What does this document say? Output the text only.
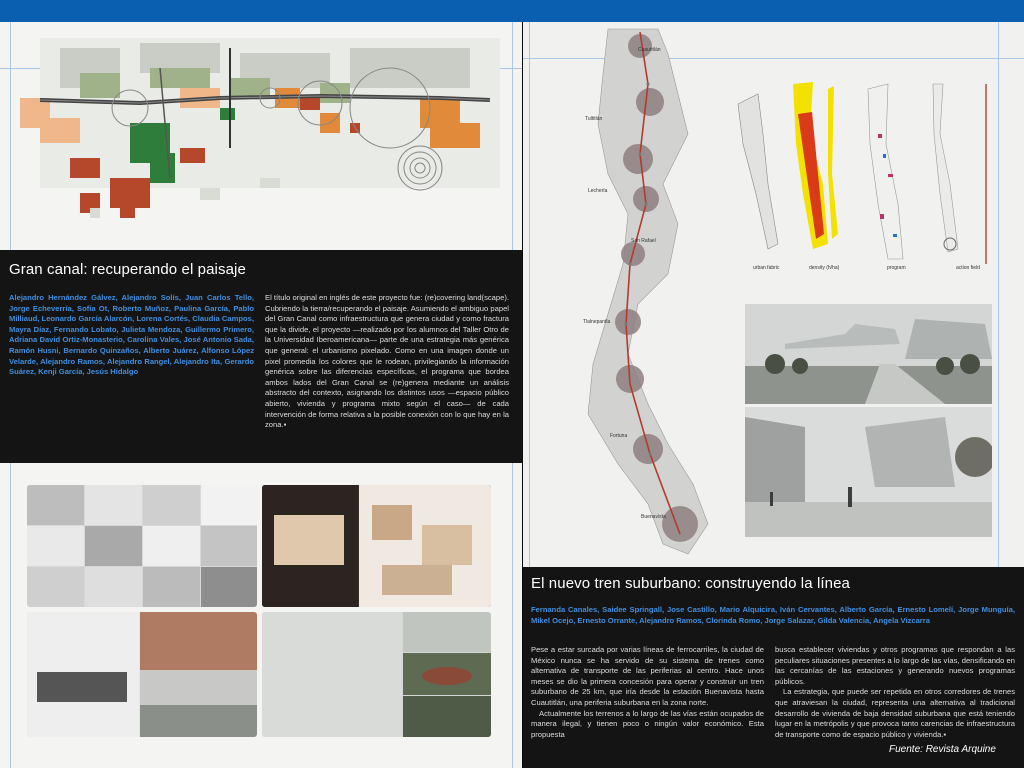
Gran canal: recuperando el paisaje
Alejandro Hernández Gálvez, Alejandro Solís, Juan Carlos Tello, Jorge Echeverría, Sofía Ot, Roberto Muñoz, Paulina García, Pablo Milliaud, Leonardo García Alarcón, Lorena Cortés, Claudia Campos, Mayra Díaz, Fernando Lobato, Julieta Mendoza, Guillermo Primero, Adriana David Ortiz-Monasterio, Carolina Vales, José Antonio Sada, Ramón Husni, Bernardo Quinzaños, Alberto Juárez, Alfonso López Velarde, Alejandro Ramos, Alejandro Rangel, Alejandro Ita, Gerardo Suárez, Kenji García, Jesús Hidalgo
El título original en inglés de este proyecto fue: (re)covering land(scape). Cubriendo la tierra/recuperando el paisaje. Asumiendo el ambiguo papel del Gran Canal como infraestructura que genera ciudad y como fractura que la divide, el proyecto —realizado por los alumnos del Taller Otro de la Universidad Iberoamericana— parte de una estrategia más genérica que general: el urbanismo pixelado. Como en una imagen donde un pixel promedia los colores que le rodean, privilegiando la información genérica sobre las diferencias específicas, el programa que bordea ambos lados del Gran Canal se (re)genera mediante un análisis abstracto del contexto, asignando los distintos usos —espacio público abierto, vivienda y programa mixto según el caso— de cada intervención de forma relativa a la posible conexión con lo que hay en la zona.▪
Cuautitlán
Tultitlán
Lechería
San Rafael
Tlalnepantla
Fortuna
Buenavista
urban fabric	density (h/ha)	program	action field
El nuevo tren suburbano: construyendo la línea
Fernanda Canales, Saidee Springall, Jose Castillo, Mario Alquicira, Iván Cervantes, Alberto García, Ernesto Lomelí, Jorge Munguía, Mikel Ocejo, Ernesto Orrante, Alejandro Ramos, Clorinda Romo, Jorge Salazar, Gilda Valencia, Angela Vizcarra

Pese a estar surcada por varias líneas de ferrocarriles, la ciudad de México nunca se ha servido de su sistema de trenes como alternativa de transporte de las periferias al centro. Hace unos meses se dio la primera concesión para operar y construir un tren suburbano de 25 km, que iría desde la estación Buenavista hasta Cuautitlán, una periferia suburbana en la zona norte.

Actualmente los terrenos a lo largo de las vías están ocupados de manera ilegal, y tienen poco o ningún valor económico. Esta propuesta

busca establecer viviendas y otros programas que respondan a las peculiares situaciones presentes a lo largo de las vías, densificando en las cercanías de las estaciones y generando nuevos programas públicos.

La estrategia, que puede ser repetida en otros corredores de trenes que atraviesan la ciudad, representa una alternativa al tradicional desarrollo de vivienda de baja densidad suburbana que está teniendo lugar en la metrópolis y que provoca tanto carencias de infraestructura de transporte como de espacio público y vivienda.▪

Fuente: Revista Arquine
